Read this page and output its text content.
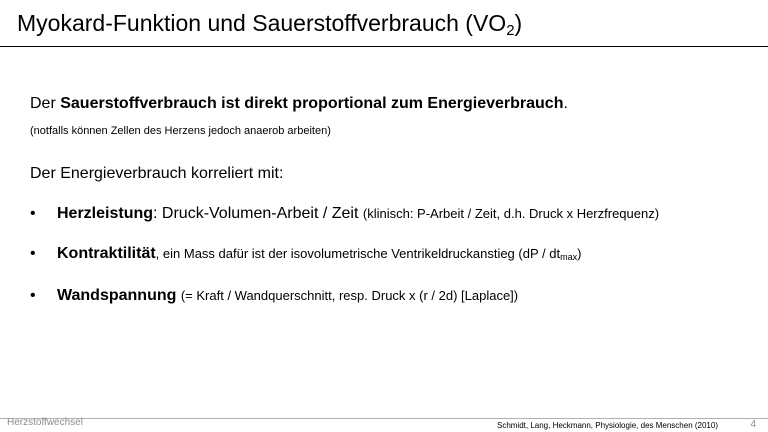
Myokard-Funktion und Sauerstoffverbrauch $(VO_2)$
Der Sauerstoffverbrauch ist direkt proportional zum Energieverbrauch.
(notfalls können Zellen des Herzens jedoch anaerob arbeiten)
Der Energieverbrauch korreliert mit:
• Herzleistung: Druck-Volumen-Arbeit / Zeit (klinisch: P-Arbeit / Zeit, d.h. Druck x Herzfrequenz)
• Kontraktilität, ein Mass dafür ist der isovolumetrische Ventrikeldruckanstieg $(dP / dt_{max})$
• Wandspannung (= Kraft / Wandquerschnitt, resp. Druck x (r / 2d) [Laplace])
Herzstoffwechsel	Schmidt, Lang, Heckmann, Physiologie, des Menschen (2010)	4
